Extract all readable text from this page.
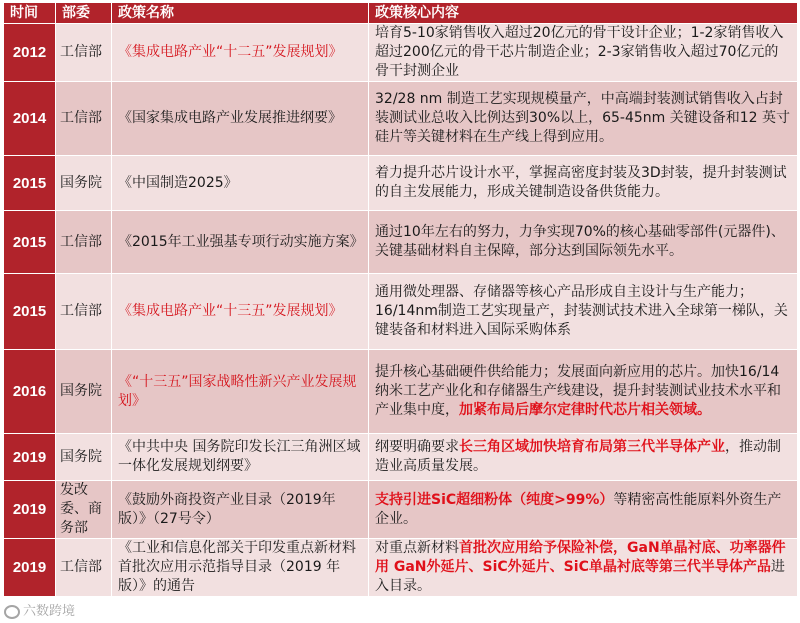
时间	部委	政策名称	政策核心内容
2012	工信部	《集成电路产业“十二五”发展规划》	培育5-10家销售收入超过20亿元的骨干设计企业；1-2家销售收入超过200亿元的骨干芯片制造企业；2-3家销售收入超过70亿元的骨干封测企业
2014	工信部	《国家集成电路产业发展推进纲要》	32/28 nm 制造工艺实现规模量产，中高端封装测试销售收入占封装测试业总收入比例达到30%以上，65-45nm 关键设备和12 英寸硅片等关键材料在生产线上得到应用。
2015	国务院	《中国制造2025》	着力提升芯片设计水平，掌握高密度封装及3D封装，提升封装测试的自主发展能力，形成关键制造设备供货能力。
2015	工信部	《2015年工业强基专项行动实施方案》	通过10年左右的努力，力争实现70%的核心基础零部件(元器件)、关键基础材料自主保障，部分达到国际领先水平。
2015	工信部	《集成电路产业“十三五”发展规划》	通用微处理器、存储器等核心产品形成自主设计与生产能力；16/14nm制造工艺实现量产，封装测试技术进入全球第一梯队，关键装备和材料进入国际采购体系
2016	国务院	《“十三五”国家战略性新兴产业发展规划》	提升核心基础硬件供给能力；发展面向新应用的芯片。加快16/14纳米工艺产业化和存储器生产线建设，提升封装测试业技术水平和产业集中度，加紧布局后摩尔定律时代芯片相关领域。
2019	国务院	《中共中央 国务院印发长江三角洲区域一体化发展规划纲要》	纲要明确要求长三角区域加快培育布局第三代半导体产业，推动制造业高质量发展。
2019	发改委、商务部	《鼓励外商投资产业目录（2019年版）》（27号令）	支持引进SiC超细粉体（纯度>99%）等精密高性能原料外资生产企业。
2019	工信部	《工业和信息化部关于印发重点新材料首批次应用示范指导目录（2019 年版）》的通告	对重点新材料首批次应用给予保险补偿，GaN单晶衬底、功率器件用 GaN外延片、SiC外延片、SiC单晶衬底等第三代半导体产品进入目录。
六数跨境
